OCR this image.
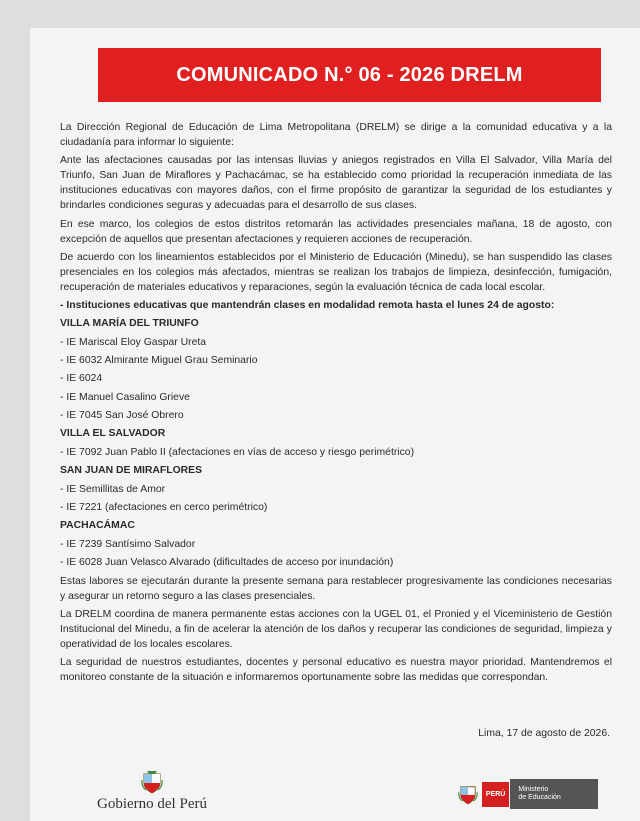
COMUNICADO N.° 06 - 2026 DRELM

La Dirección Regional de Educación de Lima Metropolitana (DRELM) se dirige a la comunidad educativa y a la ciudadanía para informar lo siguiente:

Ante las afectaciones causadas por las intensas lluvias y aniegos registrados en Villa El Salvador, Villa María del Triunfo, San Juan de Miraflores y Pachacámac, se ha establecido como prioridad la recuperación inmediata de las instituciones educativas con mayores daños, con el firme propósito de garantizar la seguridad de los estudiantes y brindarles condiciones seguras y adecuadas para el desarrollo de sus clases.

En ese marco, los colegios de estos distritos retomarán las actividades presenciales mañana, 18 de agosto, con excepción de aquellos que presentan afectaciones y requieren acciones de recuperación.

De acuerdo con los lineamientos establecidos por el Ministerio de Educación (Minedu), se han suspendido las clases presenciales en los colegios más afectados, mientras se realizan los trabajos de limpieza, desinfección, fumigación, recuperación de materiales educativos y reparaciones, según la evaluación técnica de cada local escolar.

- Instituciones educativas que mantendrán clases en modalidad remota hasta el lunes 24 de agosto:

VILLA MARÍA DEL TRIUNFO
- IE Mariscal Eloy Gaspar Ureta
- IE 6032 Almirante Miguel Grau Seminario
- IE 6024
- IE Manuel Casalino Grieve
- IE 7045 San José Obrero
VILLA EL SALVADOR
- IE 7092 Juan Pablo II (afectaciones en vías de acceso y riesgo perimétrico)
SAN JUAN DE MIRAFLORES
- IE Semillitas de Amor
- IE 7221 (afectaciones en cerco perimétrico)
PACHACÁMAC
- IE 7239 Santísimo Salvador
- IE 6028 Juan Velasco Alvarado (dificultades de acceso por inundación)

Estas labores se ejecutarán durante la presente semana para restablecer progresivamente las condiciones necesarias y asegurar un retorno seguro a las clases presenciales.

La DRELM coordina de manera permanente estas acciones con la UGEL 01, el Pronied y el Viceministerio de Gestión Institucional del Minedu, a fin de acelerar la atención de los daños y recuperar las condiciones de seguridad, limpieza y operatividad de los locales escolares.

La seguridad de nuestros estudiantes, docentes y personal educativo es nuestra mayor prioridad. Mantendremos el monitoreo constante de la situación e informaremos oportunamente sobre las medidas que correspondan.

Lima, 17 de agosto de 2026.
Gobierno del Perú
PERÚ
Ministerio
de Educación
